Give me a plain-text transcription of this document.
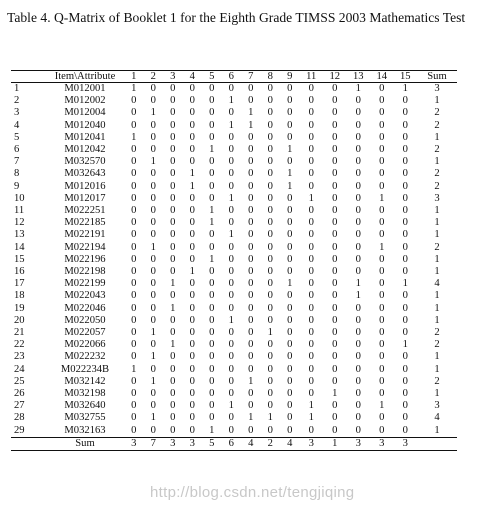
Table 4. Q-Matrix of Booklet 1 for the Eighth Grade TIMSS 2003 Mathematics Test
	Item\Attribute	1	2	3	4	5	6	7	8	9	11	12	13	14	15	Sum
1	M012001	1	0	0	0	0	0	0	0	0	0	0	1	0	1	3
2	M012002	0	0	0	0	0	1	0	0	0	0	0	0	0	0	1
3	M012004	0	1	0	0	0	0	1	0	0	0	0	0	0	0	2
4	M012040	0	0	0	0	0	1	1	0	0	0	0	0	0	0	2
5	M012041	1	0	0	0	0	0	0	0	0	0	0	0	0	0	1
6	M012042	0	0	0	0	1	0	0	0	1	0	0	0	0	0	2
7	M032570	0	1	0	0	0	0	0	0	0	0	0	0	0	0	1
8	M032643	0	0	0	1	0	0	0	0	1	0	0	0	0	0	2
9	M012016	0	0	0	1	0	0	0	0	1	0	0	0	0	0	2
10	M012017	0	0	0	0	0	1	0	0	0	1	0	0	1	0	3
11	M022251	0	0	0	0	1	0	0	0	0	0	0	0	0	0	1
12	M022185	0	0	0	0	1	0	0	0	0	0	0	0	0	0	1
13	M022191	0	0	0	0	0	1	0	0	0	0	0	0	0	0	1
14	M022194	0	1	0	0	0	0	0	0	0	0	0	0	1	0	2
15	M022196	0	0	0	0	1	0	0	0	0	0	0	0	0	0	1
16	M022198	0	0	0	1	0	0	0	0	0	0	0	0	0	0	1
17	M022199	0	0	1	0	0	0	0	0	1	0	0	1	0	1	4
18	M022043	0	0	0	0	0	0	0	0	0	0	0	1	0	0	1
19	M022046	0	0	1	0	0	0	0	0	0	0	0	0	0	0	1
20	M022050	0	0	0	0	0	1	0	0	0	0	0	0	0	0	1
21	M022057	0	1	0	0	0	0	0	1	0	0	0	0	0	0	2
22	M022066	0	0	1	0	0	0	0	0	0	0	0	0	0	1	2
23	M022232	0	1	0	0	0	0	0	0	0	0	0	0	0	0	1
24	M022234B	1	0	0	0	0	0	0	0	0	0	0	0	0	0	1
25	M032142	0	1	0	0	0	0	1	0	0	0	0	0	0	0	2
26	M032198	0	0	0	0	0	0	0	0	0	0	1	0	0	0	1
27	M032640	0	0	0	0	0	1	0	0	0	1	0	0	1	0	3
28	M032755	0	1	0	0	0	0	1	1	0	1	0	0	0	0	4
29	M032163	0	0	0	0	1	0	0	0	0	0	0	0	0	0	1
	Sum	3	7	3	3	5	6	4	2	4	3	1	3	3	3	
http://blog.csdn.net/tengjiqing
